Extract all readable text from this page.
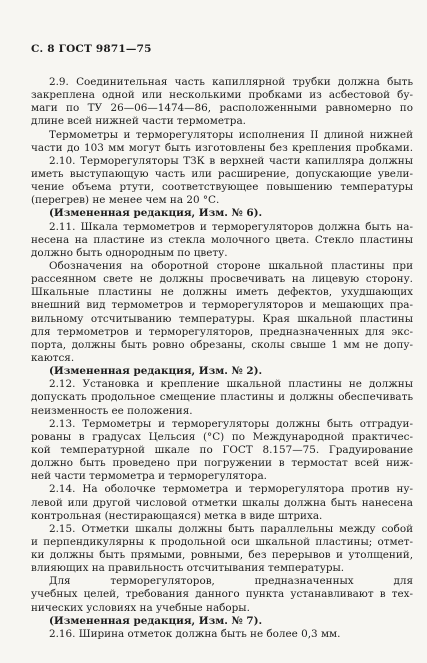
С. 8 ГОСТ 9871—75
2.9. Соединительная часть капиллярной трубки должна быть
закреплена одной или несколькими пробками из асбестовой бу-
маги по ТУ 26—06—1474—86, расположенными равномерно по
длине всей нижней части термометра.
Термометры и терморегуляторы исполнения II длиной нижней
части до 103 мм могут быть изготовлены без крепления пробками.
2.10. Терморегуляторы ТЗК в верхней части капилляра должны
иметь выступающую часть или расширение, допускающие увели-
чение объема ртути, соответствующее повышению температуры
(перегрев) не менее чем на 20 °С.
(Измененная редакция, Изм. № 6).
2.11. Шкала термометров и терморегуляторов должна быть на-
несена на пластине из стекла молочного цвета. Стекло пластины
должно быть однородным по цвету.
Обозначения на оборотной стороне шкальной пластины при
рассеянном свете не должны просвечивать на лицевую сторону.
Шкальные пластины не должны иметь дефектов, ухудшающих
внешний вид термометров и терморегуляторов и мешающих пра-
вильному отсчитыванию температуры. Края шкальной пластины
для термометров и терморегуляторов, предназначенных для экс-
порта, должны быть ровно обрезаны, сколы свыше 1 мм не допу-
каются.
(Измененная редакция, Изм. № 2).
2.12. Установка и крепление шкальной пластины не должны
допускать продольное смещение пластины и должны обеспечивать
неизменность ее положения.
2.13. Термометры и терморегуляторы должны быть отградуи-
рованы в градусах Цельсия (°С) по Международной практичес-
кой температурной шкале по ГОСТ 8.157—75. Градуирование
должно быть проведено при погружении в термостат всей ниж-
ней части термометра и терморегулятора.
2.14. На оболочке термометра и терморегулятора против ну-
левой или другой числовой отметки шкалы должна быть нанесена
контрольная (нестирающаяся) метка в виде штриха.
2.15. Отметки шкалы должны быть параллельны между собой
и перпендикулярны к продольной оси шкальной пластины; отмет-
ки должны быть прямыми, ровными, без перерывов и утолщений,
влияющих на правильность отсчитывания температуры.
Для терморегуляторов, предназначенных для
учебных целей, требования данного пункта устанавливают в тех-
нических условиях на учебные наборы.
(Измененная редакция, Изм. № 7).
2.16. Ширина отметок должна быть не более 0,3 мм.
